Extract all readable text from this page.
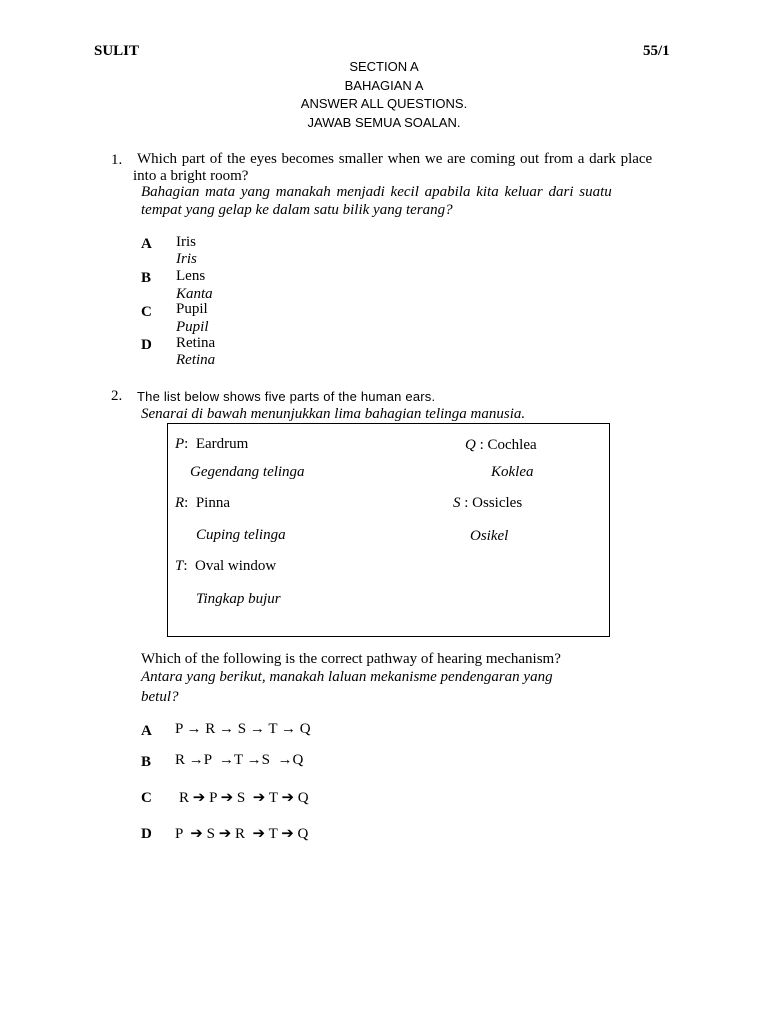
SULIT	55/1
SECTION A
BAHAGIAN A
ANSWER ALL QUESTIONS.
JAWAB SEMUA SOALAN.
1. Which part of the eyes becomes smaller when we are coming out from a dark place
into a bright room?
Bahagian mata yang manakah menjadi kecil apabila kita keluar dari suatu
tempat yang gelap ke dalam satu bilik yang terang?
A Iris
Iris
B Lens
Kanta
C Pupil
Pupil
D Retina
Retina
2. The list below shows five parts of the human ears.
Senarai di bawah menunjukkan lima bahagian telinga manusia.
P:  Eardrum
Gegendang telinga
Q : Cochlea
Koklea
R:  Pinna
Cuping telinga
S : Ossicles
Osikel
T:  Oval window
Tingkap bujur
Which of the following is the correct pathway of hearing mechanism?
Antara yang berikut, manakah laluan mekanisme pendengaran yang
betul?
A P → R → S → T → Q
B R →P  →T →S  →Q
C R ➔ P ➔ S  ➔ T ➔ Q
D P  ➔ S ➔ R  ➔ T ➔ Q
